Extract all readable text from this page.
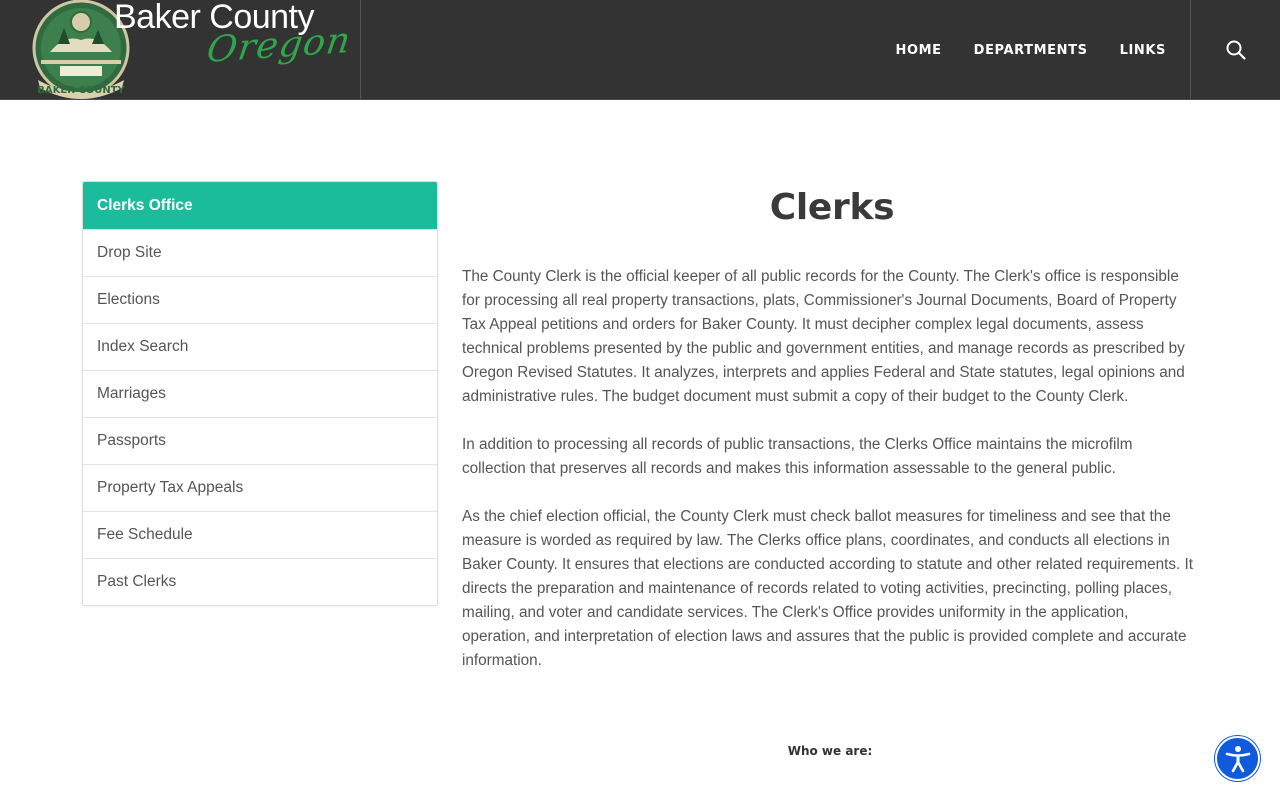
BAKER COUNTY
Baker County
Oregon	HOME DEPARTMENTS LINKS
Clerks Office
Drop Site
Elections
Index Search
Marriages
Passports
Property Tax Appeals
Fee Schedule
Past Clerks
Clerks

The County Clerk is the official keeper of all public records for the County. The Clerk's office is responsible for processing all real property transactions, plats, Commissioner's Journal Documents, Board of Property Tax Appeal petitions and orders for Baker County. It must decipher complex legal documents, assess technical problems presented by the public and government entities, and manage records as prescribed by Oregon Revised Statutes. It analyzes, interprets and applies Federal and State statutes, legal opinions and administrative rules. The budget document must submit a copy of their budget to the County Clerk.

In addition to processing all records of public transactions, the Clerks Office maintains the microfilm collection that preserves all records and makes this information assessable to the general public.

As the chief election official, the County Clerk must check ballot measures for timeliness and see that the measure is worded as required by law. The Clerks office plans, coordinates, and conducts all elections in Baker County. It ensures that elections are conducted according to statute and other related requirements. It directs the preparation and maintenance of records related to voting activities, precincting, polling places, mailing, and voter and candidate services. The Clerk's Office provides uniformity in the application, operation, and interpretation of election laws and assures that the public is provided complete and accurate information.

Who we are:
